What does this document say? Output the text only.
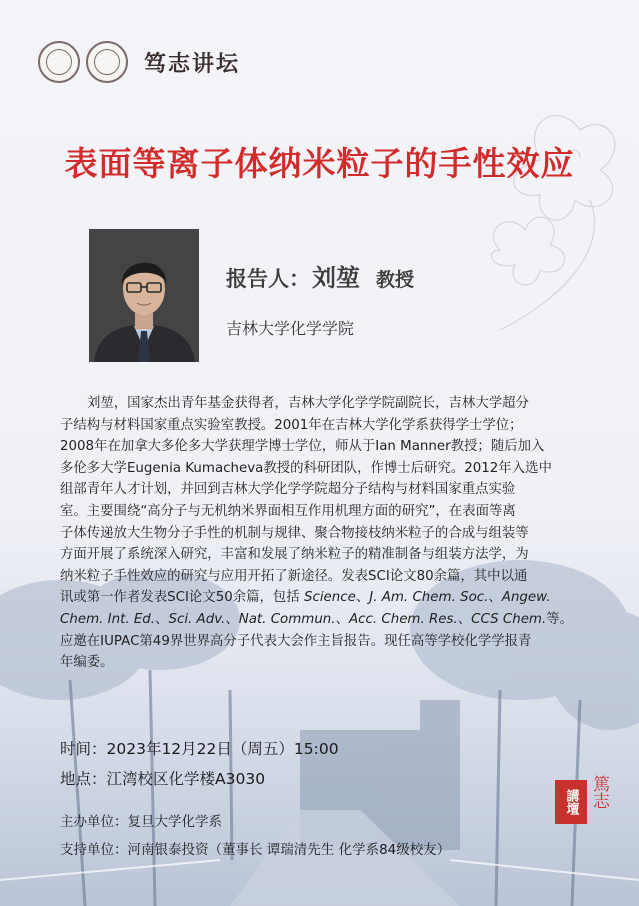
笃志讲坛
表面等离子体纳米粒子的手性效应
报告人： 刘堃 教授
吉林大学化学学院
刘堃，国家杰出青年基金获得者，吉林大学化学学院副院长，吉林大学超分
子结构与材料国家重点实验室教授。2001年在吉林大学化学系获得学士学位；
2008年在加拿大多伦多大学获理学博士学位，师从于Ian Manner教授；随后加入
多伦多大学Eugenia Kumacheva教授的科研团队，作博士后研究。2012年入选中
组部青年人才计划，并回到吉林大学化学学院超分子结构与材料国家重点实验
室。主要围绕“高分子与无机纳米界面相互作用机理方面的研究”，在表面等离
子体传递放大生物分子手性的机制与规律、聚合物接枝纳米粒子的合成与组装等
方面开展了系统深入研究，丰富和发展了纳米粒子的精准制备与组装方法学，为
纳米粒子手性效应的研究与应用开拓了新途径。发表SCI论文80余篇，其中以通
讯或第一作者发表SCI论文50余篇，包括 Science、J. Am. Chem. Soc.、Angew.
Chem. Int. Ed.、Sci. Adv.、Nat. Commun.、Acc. Chem. Res.、CCS Chem.等。
应邀在IUPAC第49界世界高分子代表大会作主旨报告。现任高等学校化学学报青
年编委。
时间：2023年12月22日（周五）15:00
地点：江湾校区化学楼A3030
主办单位：复旦大学化学系
支持单位：河南银泰投资（董事长 谭瑞清先生 化学系84级校友）
講壇 篤志
